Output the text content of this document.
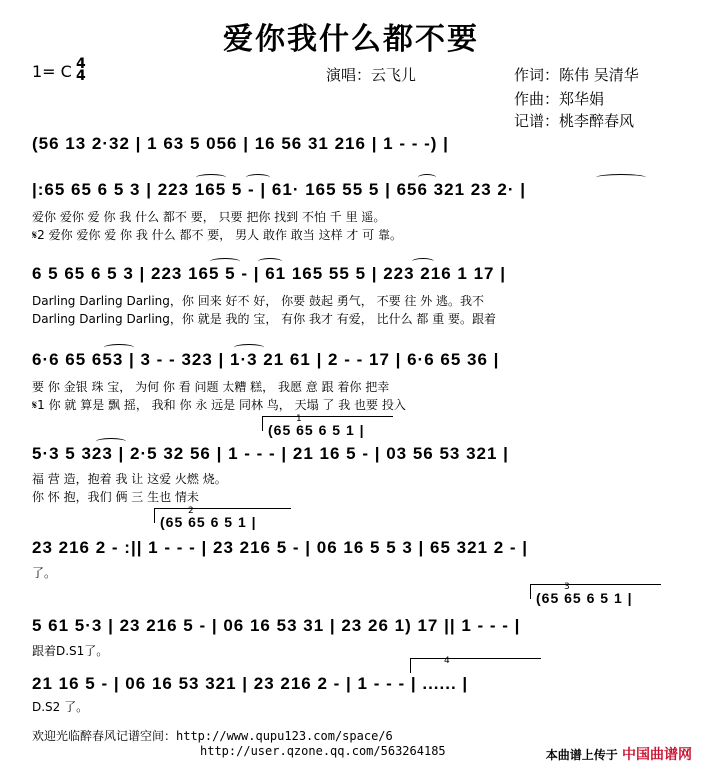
爱你我什么都不要
1= C 4
4	演唱：云飞儿	作词：陈伟 吴清华
作曲：郑华娟
记谱：桃李醉春风
(56 13 2·32 | 1 63 5 056 | 16 56 31 216 | 1 - - -) |
|:65 65 6 5 3 | 223 165 5 - | 61· 165 55 5 | 656 321 23 2· |
爱你 爱你 爱 你 我 什么 都不 要， 只要 把你 找到 不怕 千 里 遥。
𝄋2 爱你 爱你 爱 你 我 什么 都不 要， 男人 敢作 敢当 这样 才 可 靠。
6 5 65 6 5 3 | 223 165 5 - | 61 165 55 5 | 223 216 1 17 |
Darling Darling Darling，你 回来 好不 好， 你要 鼓起 勇气， 不要 往 外 逃。我不
Darling Darling Darling，你 就是 我的 宝， 有你 我才 有爱， 比什么 都 重 要。跟着
6·6 65 653 | 3 - - 323 | 1·3 21 61 | 2 - - 17 | 6·6 65 36 |
要 你 金银 珠 宝， 为何 你 看 问题 太糟 糕， 我愿 意 跟 着你 把幸
𝄋1 你 就 算是 飘 摇， 我和 你 永 远是 同林 鸟， 天塌 了 我 也要 投入
1
(65 65 6 5 1 |
5·3 5 323 | 2·5 32 56 | 1 - - - | 21 16 5 - | 03 56 53 321 |
福 营 造，抱着 我 让 这爱 火燃 烧。
你 怀 抱，我们 俩 三 生也 情未
2
(65 65 6 5 1 |
23 216 2 - :|| 1 - - - | 23 216 5 - | 06 16 5 5 3 | 65 321 2 - |
了。
3
(65 65 6 5 1 |
5 61 5·3 | 23 216 5 - | 06 16 53 31 | 23 26 1) 17 || 1 - - - |
跟着D.S1了。
4
21 16 5 - | 06 16 53 321 | 23 216 2 - | 1 - - - | ...... |
D.S2 了。
欢迎光临醉春风记谱空间：http://www.qupu123.com/space/6
http://user.qzone.qq.com/563264185	本曲谱上传于 中国曲谱网
